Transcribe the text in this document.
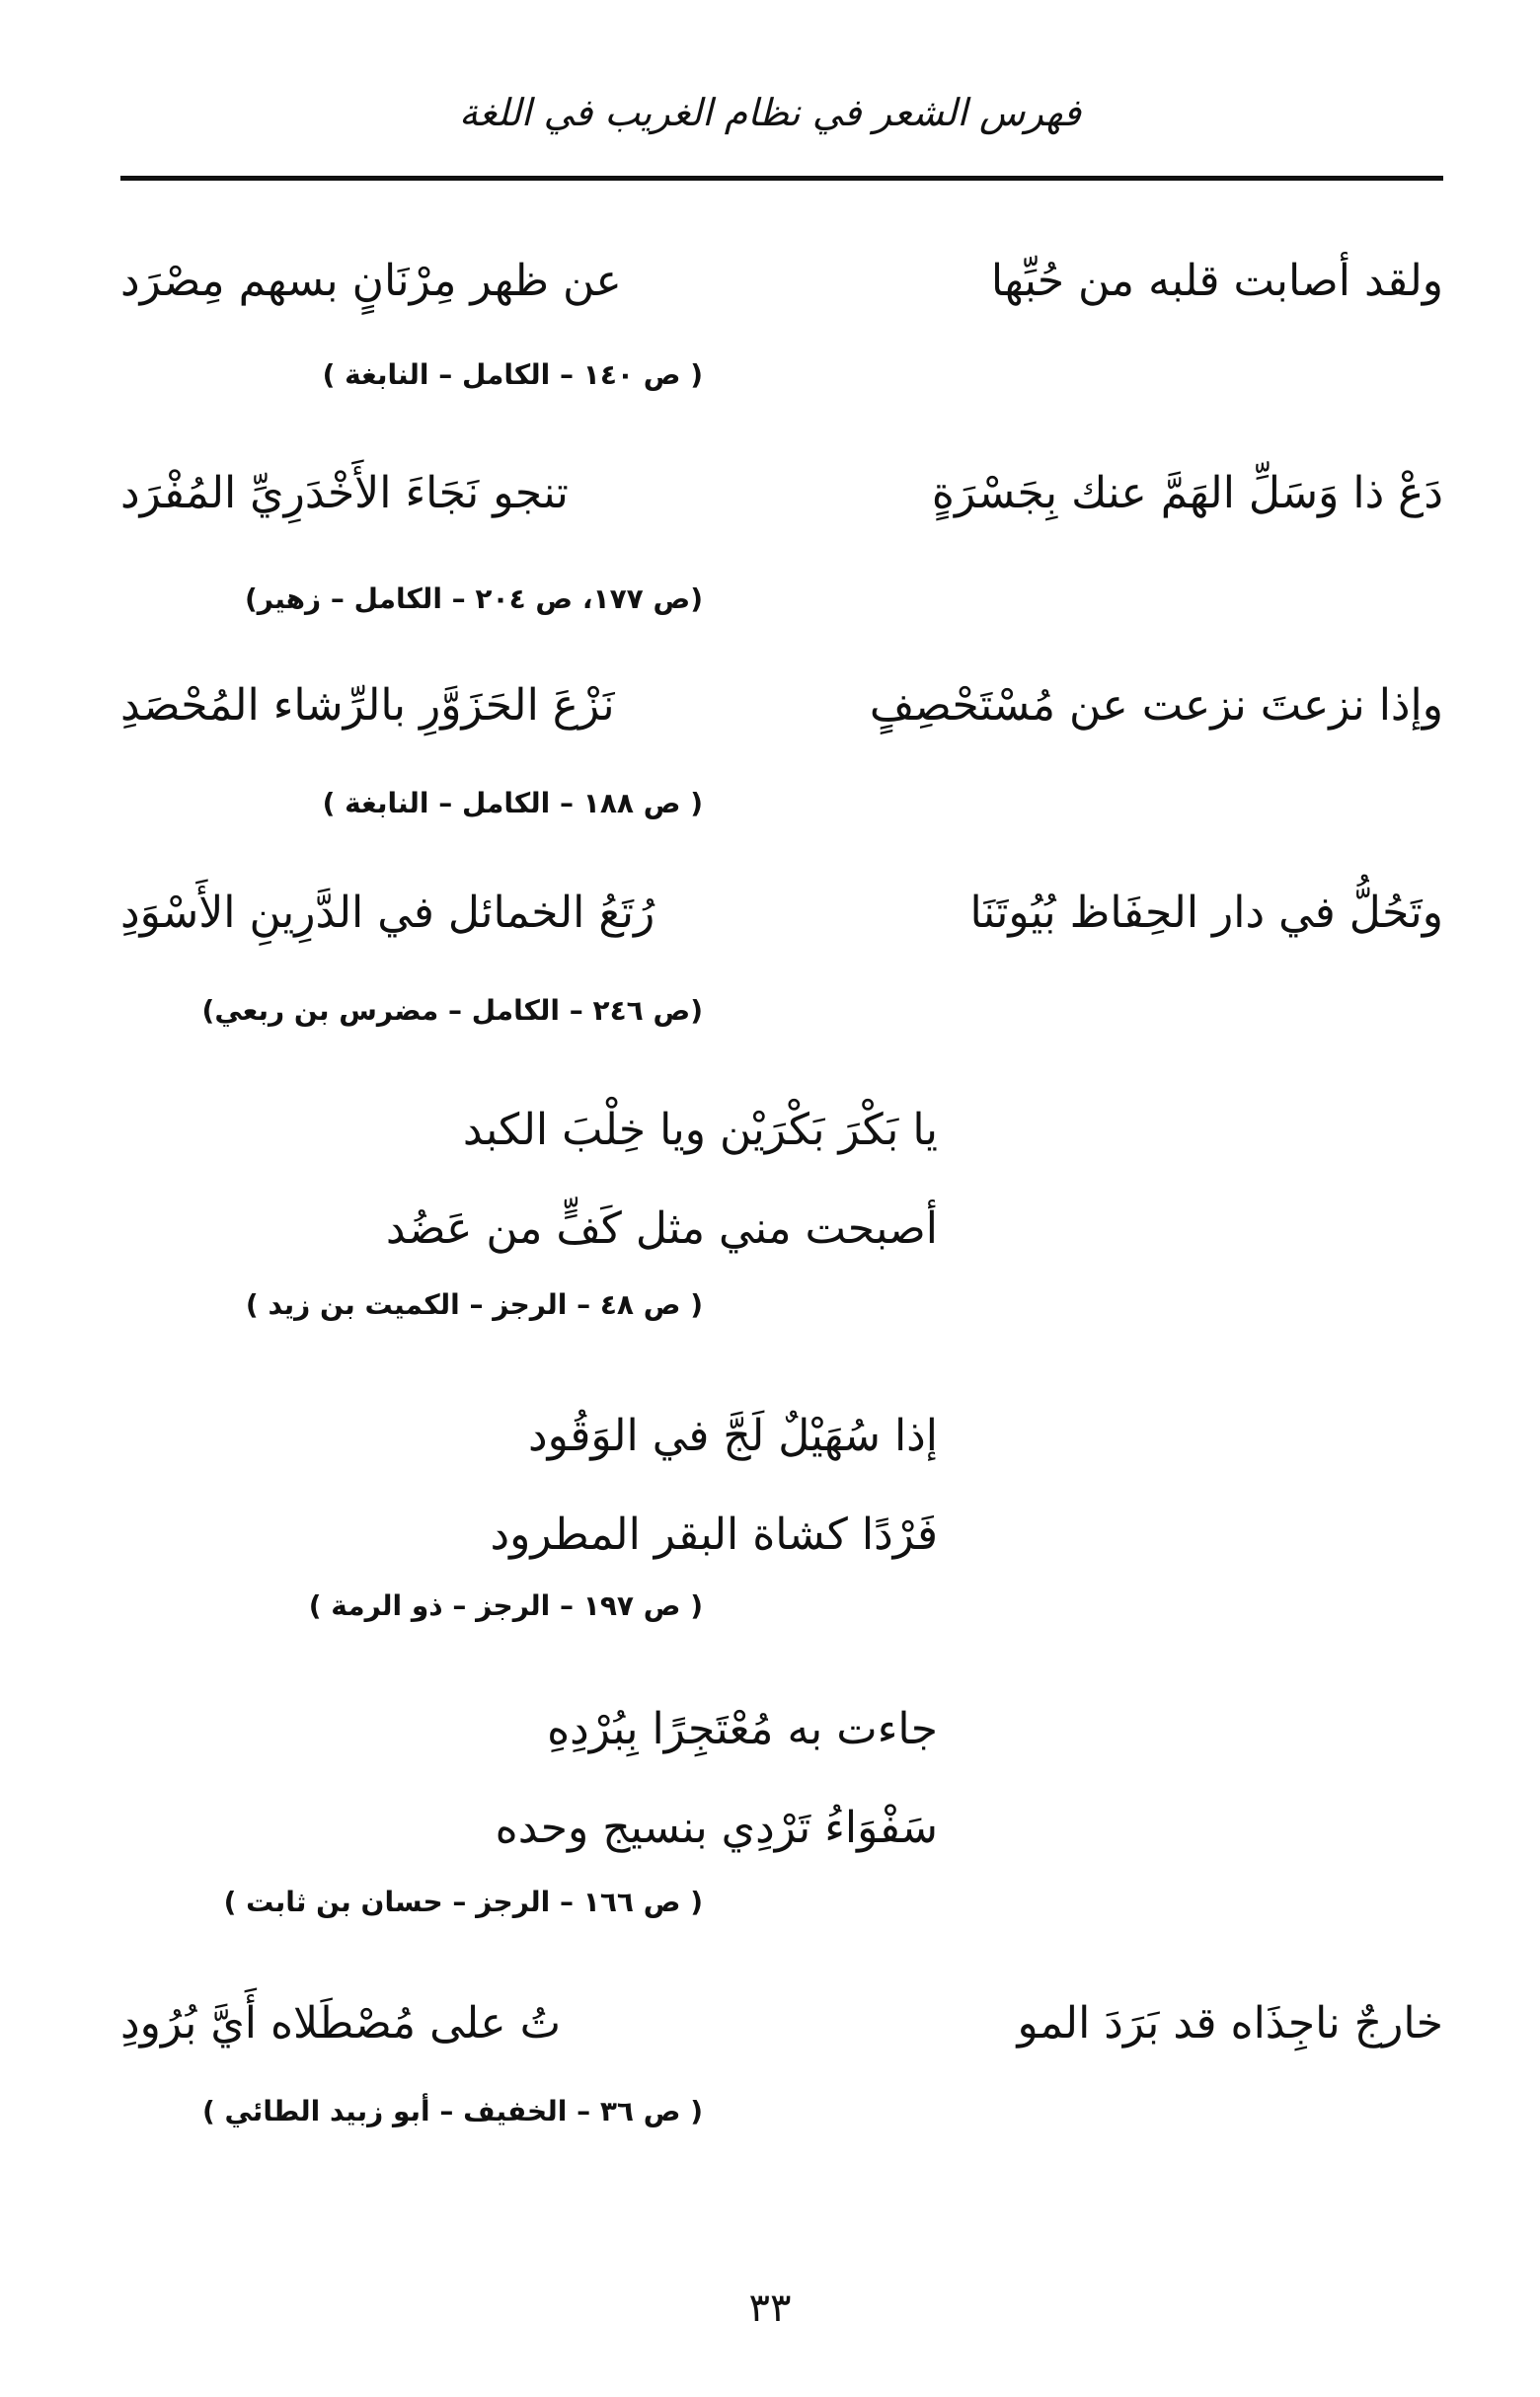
فهرس الشعر في نظام الغريب في اللغة
ولقد أصابت قلبه من حُبِّها
عن ظهر مِرْنَانٍ بسهم مِصْرَد
( ص ١٤٠ – الكامل – النابغة )
دَعْ ذا وَسَلِّ الهَمَّ عنك بِجَسْرَةٍ
تنجو نَجَاءَ الأَخْدَرِيِّ المُفْرَد
(ص ١٧٧، ص ٢٠٤ – الكامل – زهير)
وإذا نزعتَ نزعت عن مُسْتَحْصِفٍ
نَزْعَ الحَزَوَّرِ بالرِّشاء المُحْصَدِ
( ص ١٨٨ – الكامل – النابغة )
وتَحُلُّ في دار الحِفَاظ بُيُوتَنَا
رُتَعُ الخمائل في الدَّرِينِ الأَسْوَدِ
(ص ٢٤٦ – الكامل – مضرس بن ربعي)
يا بَكْرَ بَكْرَيْن ويا خِلْبَ الكبد
أصبحت مني مثل كَفٍّ من عَضُد
( ص ٤٨ – الرجز – الكميت بن زيد )
إذا سُهَيْلٌ لَجَّ في الوَقُود
فَرْدًا كشاة البقر المطرود
( ص ١٩٧ – الرجز – ذو الرمة )
جاءت به مُعْتَجِرًا بِبُرْدِهِ
سَفْوَاءُ تَرْدِي بنسيج وحده
( ص ١٦٦ – الرجز – حسان بن ثابت )
خارجٌ ناجِذَاه قد بَرَدَ المو
تُ على مُصْطَلاه أَيَّ بُرُودِ
( ص ٣٦ – الخفيف – أبو زبيد الطائي )
٣٣
